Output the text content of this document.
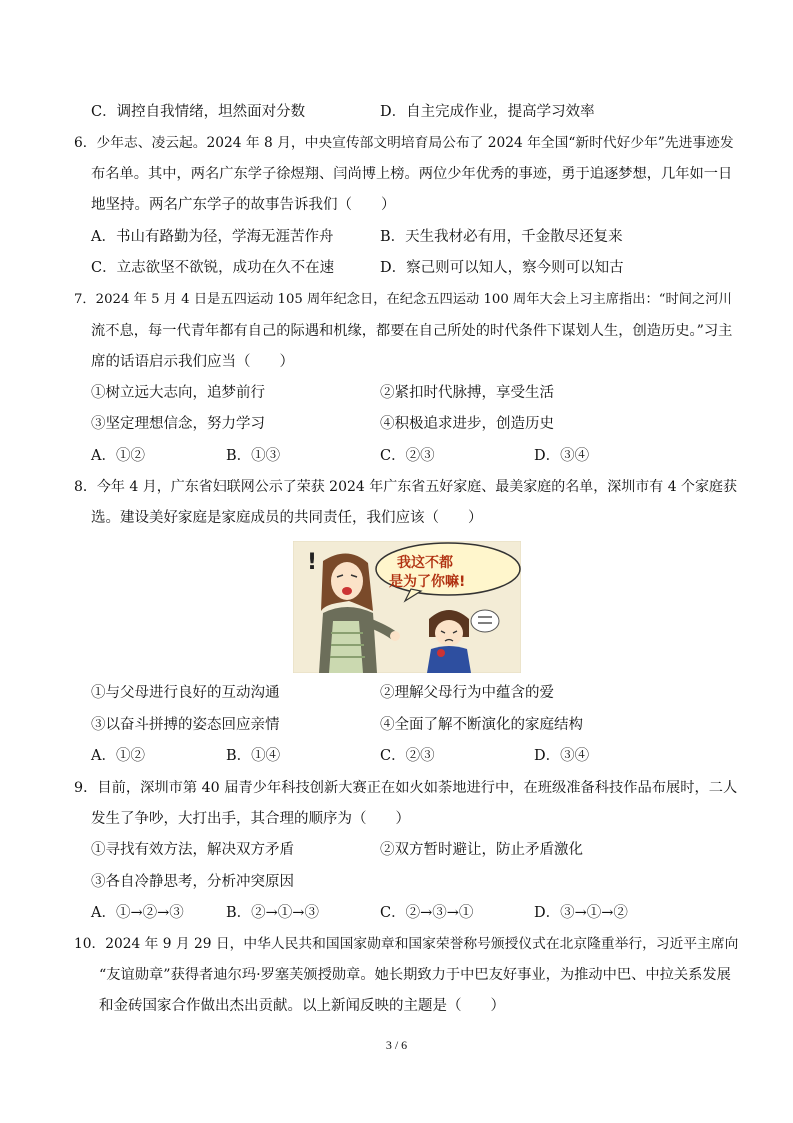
C．调控自我情绪，坦然面对分数	D．自主完成作业，提高学习效率
6．少年志、凌云起。2024 年 8 月，中央宣传部文明培育局公布了 2024 年全国“新时代好少年”先进事迹发
布名单。其中，两名广东学子徐煜翔、闫尚博上榜。两位少年优秀的事迹，勇于追逐梦想，几年如一日
地坚持。两名广东学子的故事告诉我们（　　）
A．书山有路勤为径，学海无涯苦作舟	B．天生我材必有用，千金散尽还复来
C．立志欲坚不欲锐，成功在久不在速	D．察己则可以知人，察今则可以知古
7．2024 年 5 月 4 日是五四运动 105 周年纪念日，在纪念五四运动 100 周年大会上习主席指出：“时间之河川
流不息，每一代青年都有自己的际遇和机缘，都要在自己所处的时代条件下谋划人生，创造历史。”习主
席的话语启示我们应当（　　）
①树立远大志向，追梦前行	②紧扣时代脉搏，享受生活
③坚定理想信念，努力学习	④积极追求进步，创造历史
A．①②	B．①③	C．②③	D．③④
8．今年 4 月，广东省妇联网公示了荣获 2024 年广东省五好家庭、最美家庭的名单，深圳市有 4 个家庭获
选。建设美好家庭是家庭成员的共同责任，我们应该（　　）
我这不都
是为了你嘛!
!
①与父母进行良好的互动沟通	②理解父母行为中蕴含的爱
③以奋斗拼搏的姿态回应亲情	④全面了解不断演化的家庭结构
A．①②	B．①④	C．②③	D．③④
9．目前，深圳市第 40 届青少年科技创新大赛正在如火如荼地进行中，在班级准备科技作品布展时，二人
发生了争吵，大打出手，其合理的顺序为（　　）
①寻找有效方法，解决双方矛盾	②双方暂时避让，防止矛盾激化
③各自冷静思考，分析冲突原因
A．①→②→③	B．②→①→③	C．②→③→①	D．③→①→②
10．2024 年 9 月 29 日，中华人民共和国国家勋章和国家荣誉称号颁授仪式在北京隆重举行，习近平主席向
“友谊勋章”获得者迪尔玛·罗塞芙颁授勋章。她长期致力于中巴友好事业，为推动中巴、中拉关系发展
和金砖国家合作做出杰出贡献。以上新闻反映的主题是（　　）
3 / 6
